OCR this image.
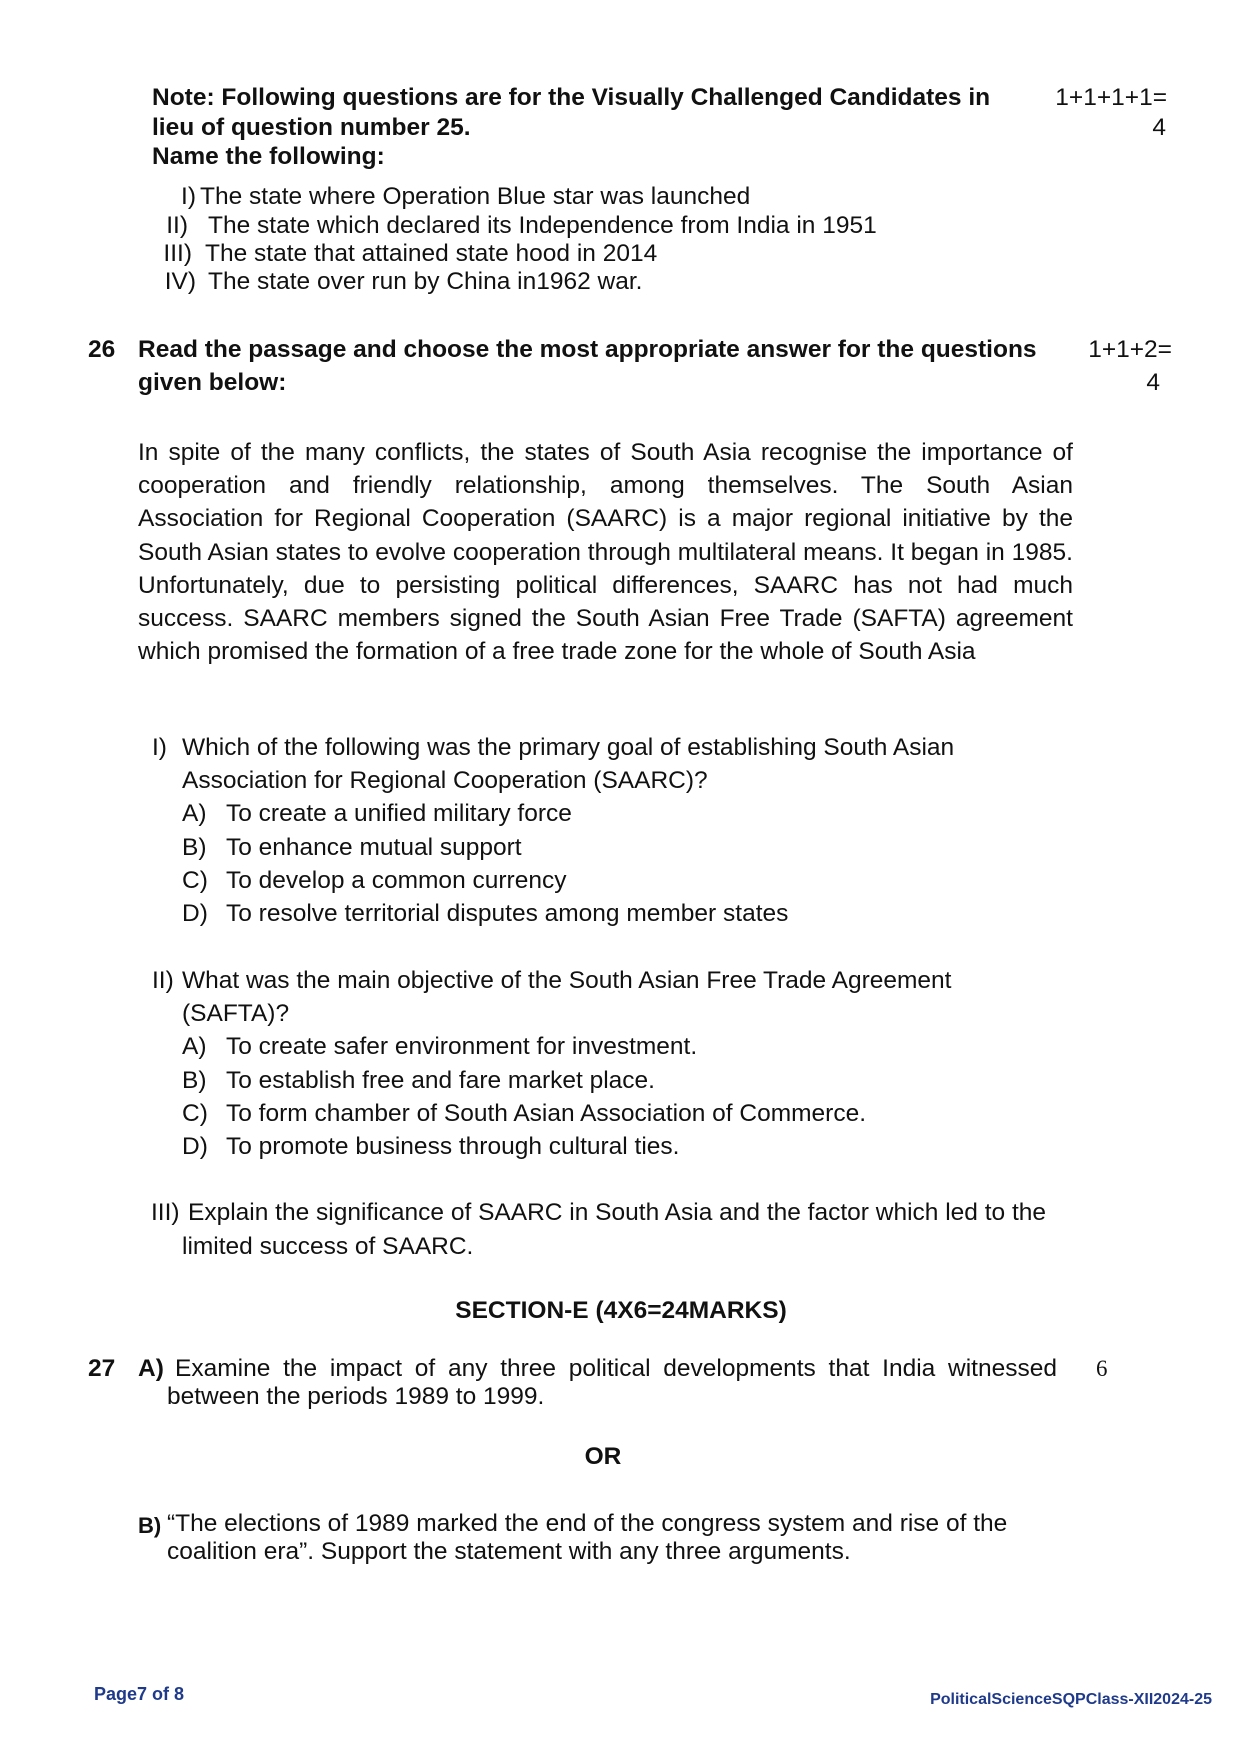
Note: Following questions are for the Visually Challenged Candidates in
lieu of question number 25.
Name the following:
1+1+1+1=
4
I) The state where Operation Blue star was launched
II) The state which declared its Independence from India in 1951
III) The state that attained state hood in 2014
IV) The state over run by China in1962 war.
26 Read the passage and choose the most appropriate answer for the questions
given below:
1+1+2=
4
In spite of the many conflicts, the states of South Asia recognise the importance of cooperation and friendly relationship, among themselves. The South Asian Association for Regional Cooperation (SAARC) is a major regional initiative by the South Asian states to evolve cooperation through multilateral means. It began in 1985. Unfortunately, due to persisting political differences, SAARC has not had much success. SAARC members signed the South Asian Free Trade (SAFTA) agreement which promised the formation of a free trade zone for the whole of South Asia
I) Which of the following was the primary goal of establishing South Asian
Association for Regional Cooperation (SAARC)?
A) To create a unified military force
B) To enhance mutual support
C) To develop a common currency
D) To resolve territorial disputes among member states
II) What was the main objective of the South Asian Free Trade Agreement
(SAFTA)?
A) To create safer environment for investment.
B) To establish free and fare market place.
C) To form chamber of South Asian Association of Commerce.
D) To promote business through cultural ties.
III) Explain the significance of SAARC in South Asia and the factor which led to the
limited success of SAARC.
SECTION-E (4X6=24MARKS)
27 A) Examine the impact of any three political developments that India witnessed
between the periods 1989 to 1999.
6
OR
B) “The elections of 1989 marked the end of the congress system and rise of the
coalition era”. Support the statement with any three arguments.
Page7 of 8	PoliticalScienceSQPClass-XII2024-25
